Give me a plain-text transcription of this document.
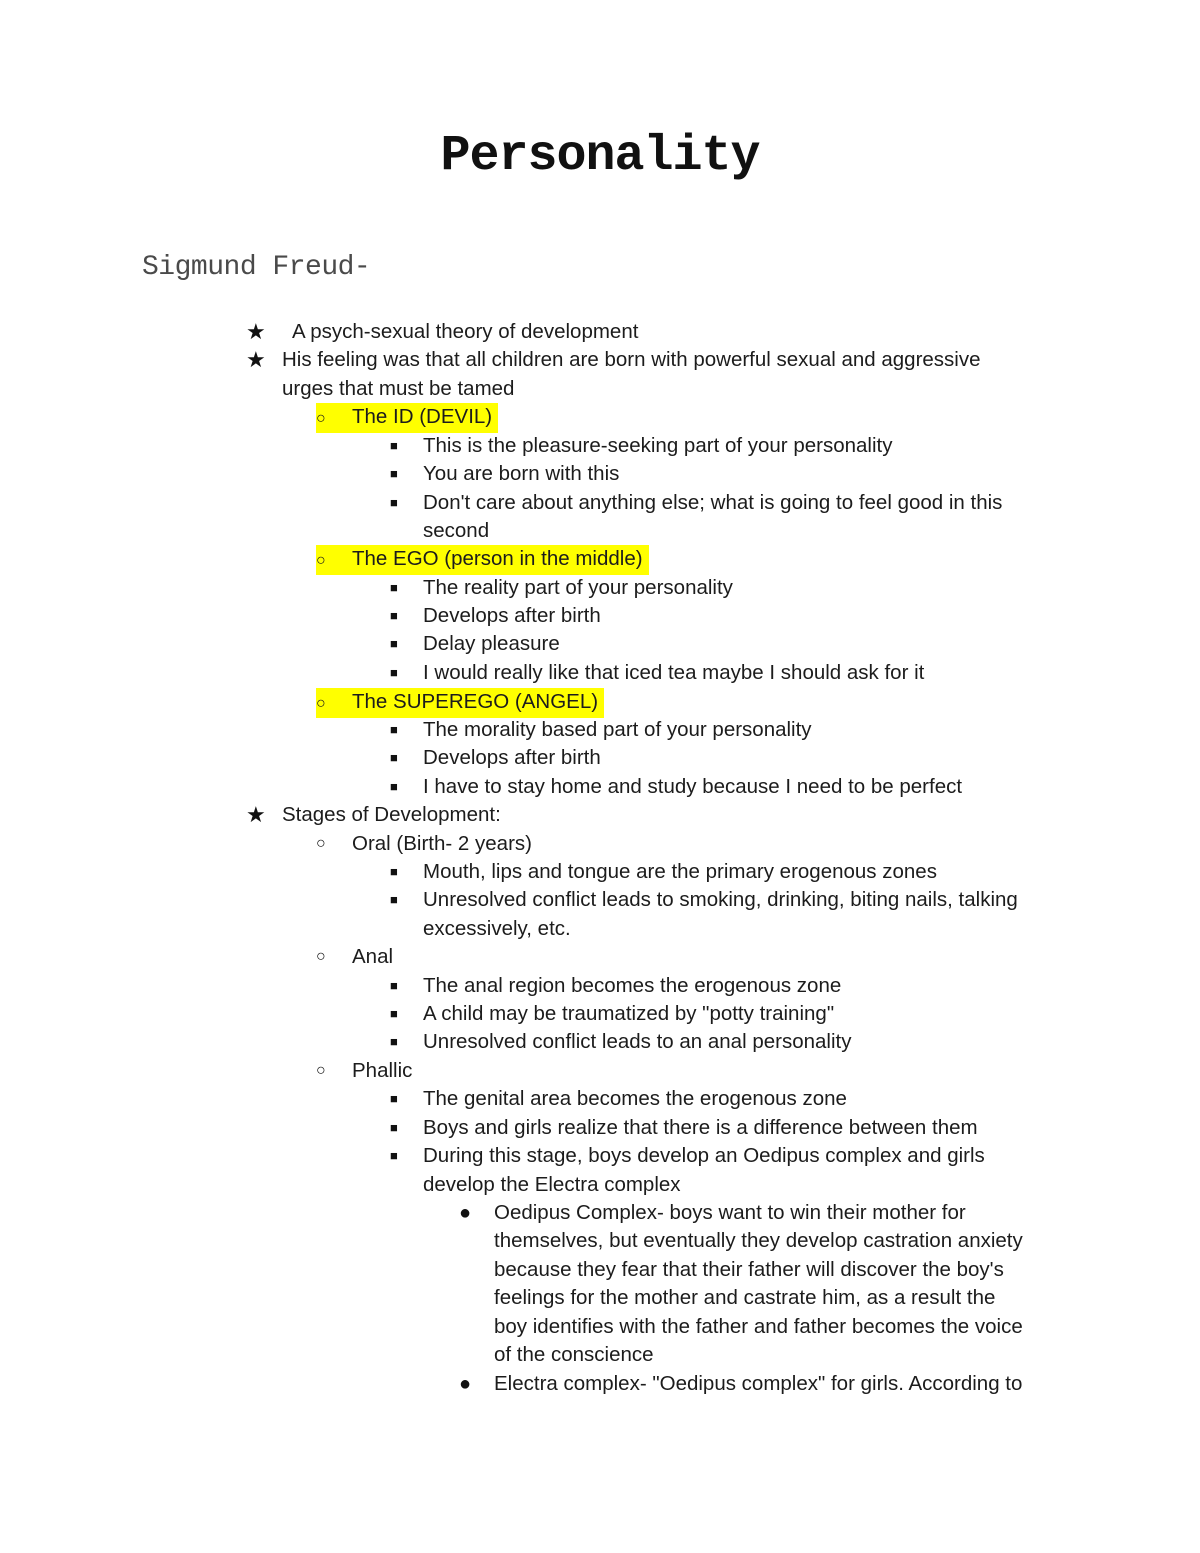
Personality
Sigmund Freud-
★ A psych-sexual theory of development
★ His feeling was that all children are born with powerful sexual and aggressive
urges that must be tamed
○ The ID (DEVIL)
■ This is the pleasure-seeking part of your personality
■ You are born with this
■ Don't care about anything else; what is going to feel good in this
second
○ The EGO (person in the middle)
■ The reality part of your personality
■ Develops after birth
■ Delay pleasure
■ I would really like that iced tea maybe I should ask for it
○ The SUPEREGO (ANGEL)
■ The morality based part of your personality
■ Develops after birth
■ I have to stay home and study because I need to be perfect
★ Stages of Development:
○ Oral (Birth- 2 years)
■ Mouth, lips and tongue are the primary erogenous zones
■ Unresolved conflict leads to smoking, drinking, biting nails, talking
excessively, etc.
○ Anal
■ The anal region becomes the erogenous zone
■ A child may be traumatized by "potty training"
■ Unresolved conflict leads to an anal personality
○ Phallic
■ The genital area becomes the erogenous zone
■ Boys and girls realize that there is a difference between them
■ During this stage, boys develop an Oedipus complex and girls
develop the Electra complex
● Oedipus Complex- boys want to win their mother for
themselves, but eventually they develop castration anxiety
because they fear that their father will discover the boy's
feelings for the mother and castrate him, as a result the
boy identifies with the father and father becomes the voice
of the conscience
● Electra complex- "Oedipus complex" for girls. According to
